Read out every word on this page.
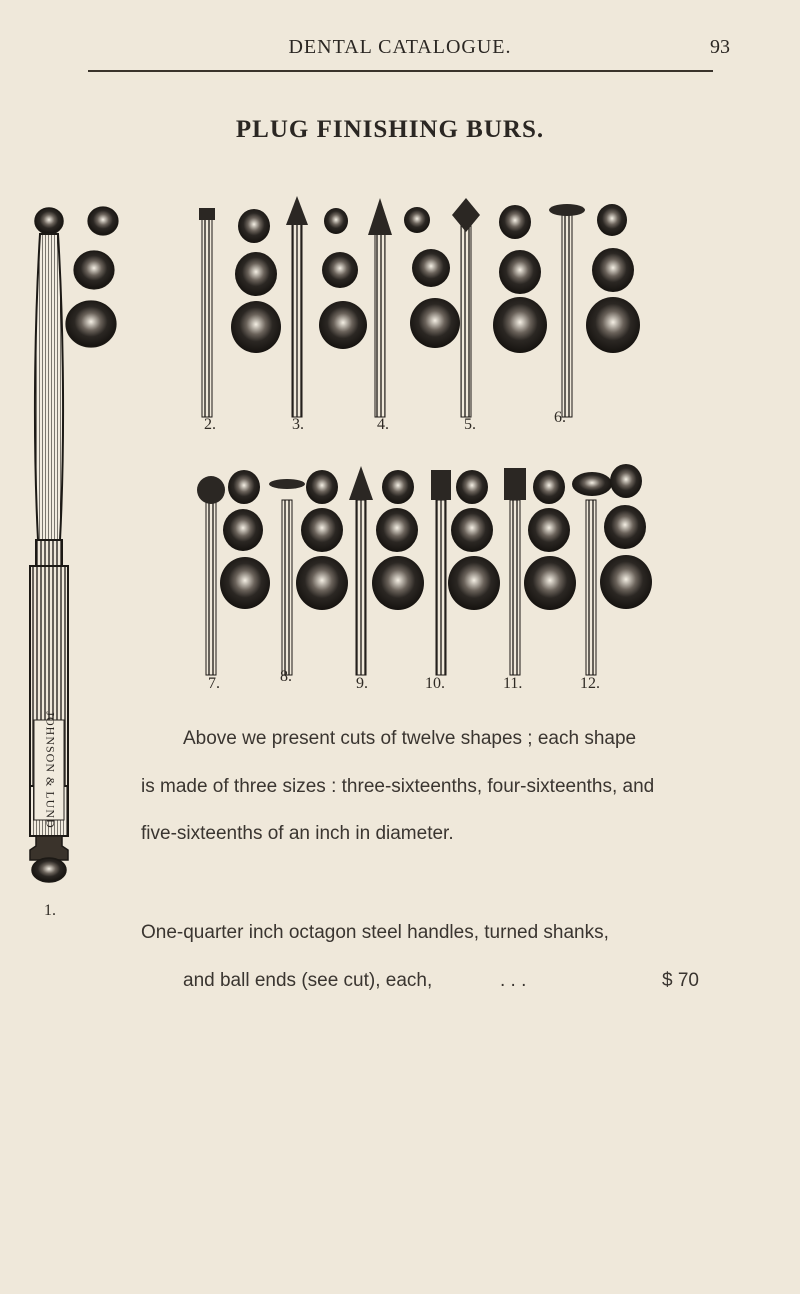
DENTAL CATALOGUE.	93
PLUG FINISHING BURS.
JOHNSON & LUND
1.
2.	3.	4.	5.	6.
7.	8.	9.	10.	11.	12.
Above we present cuts of twelve shapes ; each shape
is made of three sizes : three-sixteenths, four-sixteenths, and
five-sixteenths of an inch in diameter.
One-quarter inch octagon steel handles, turned shanks,
and ball ends (see cut), each,	. . .	$ 70
